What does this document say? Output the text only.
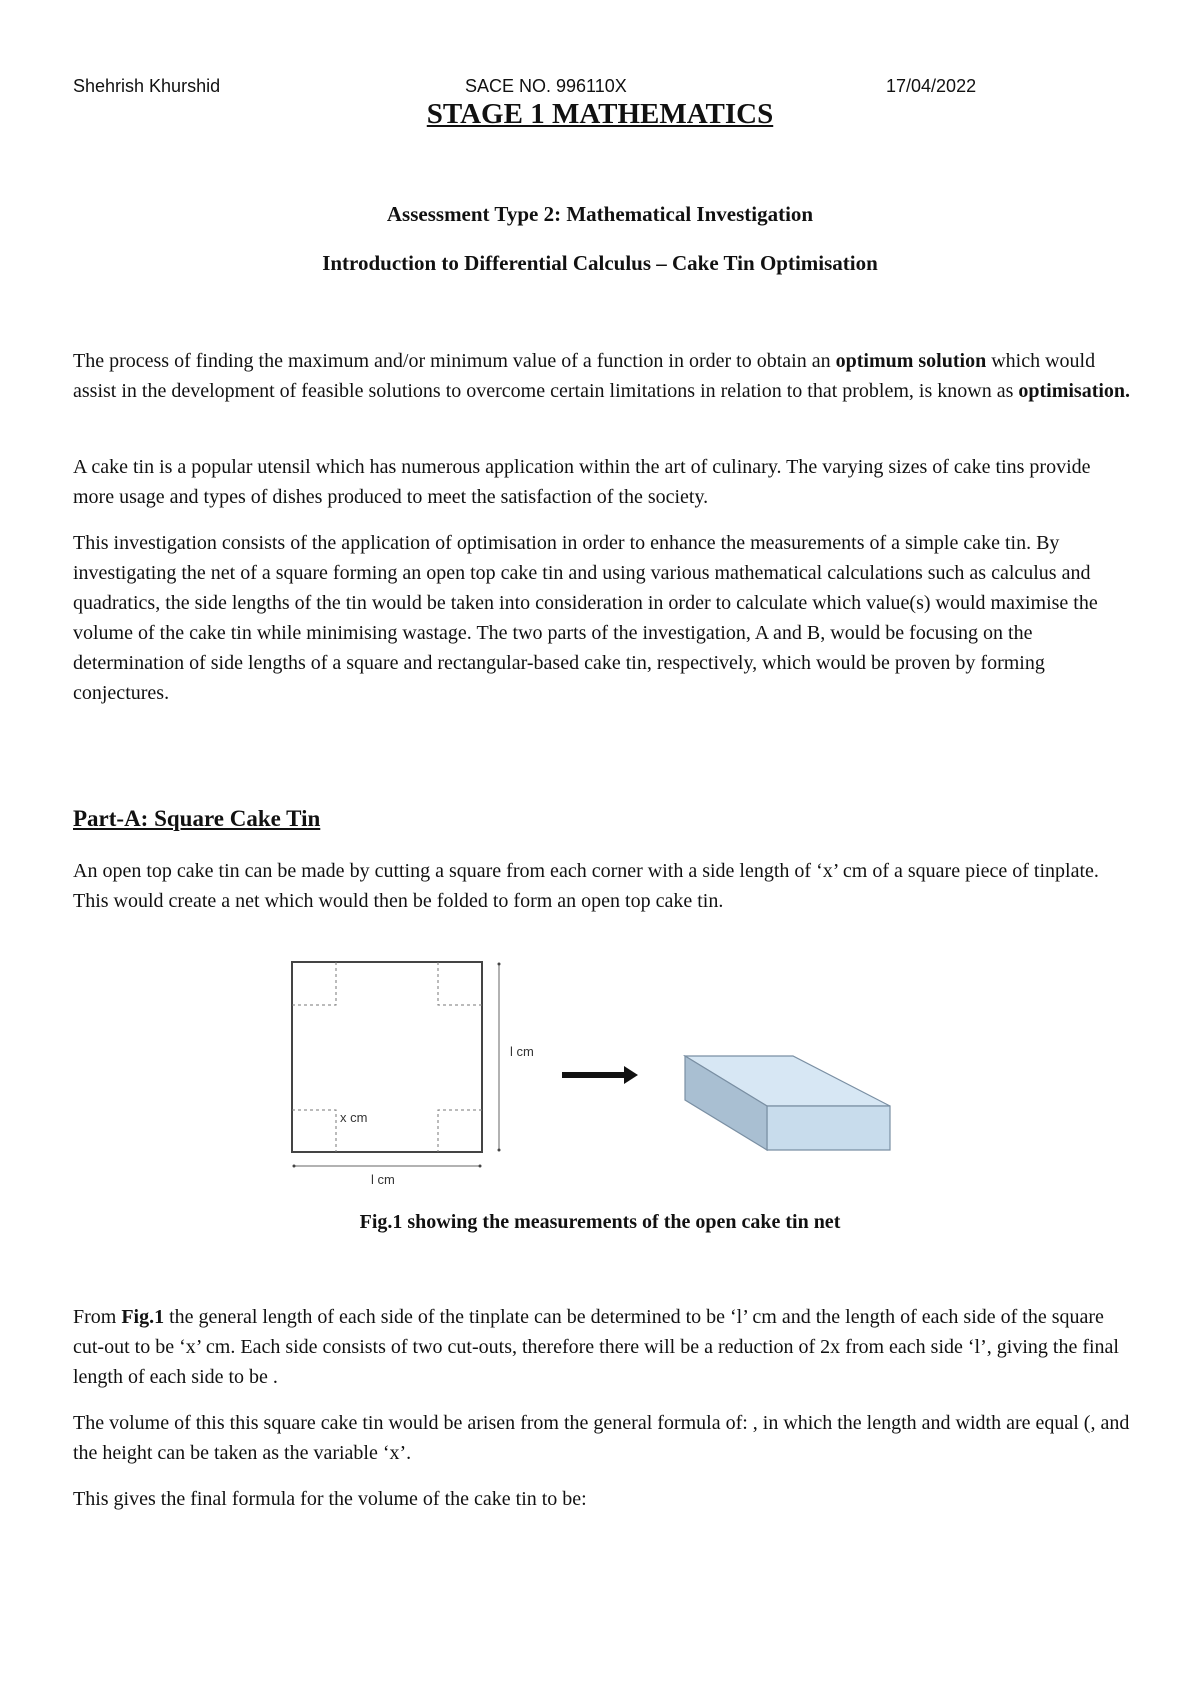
Shehrish Khurshid	SACE NO. 996110X	17/04/2022
STAGE 1 MATHEMATICS
Assessment Type 2: Mathematical Investigation
Introduction to Differential Calculus – Cake Tin Optimisation

The process of finding the maximum and/or minimum value of a function in order to obtain an optimum solution which would assist in the development of feasible solutions to overcome certain limitations in relation to that problem, is known as optimisation.

A cake tin is a popular utensil which has numerous application within the art of culinary. The varying sizes of cake tins provide more usage and types of dishes produced to meet the satisfaction of the society.

This investigation consists of the application of optimisation in order to enhance the measurements of a simple cake tin. By investigating the net of a square forming an open top cake tin and using various mathematical calculations such as calculus and quadratics, the side lengths of the tin would be taken into consideration in order to calculate which value(s) would maximise the volume of the cake tin while minimising wastage. The two parts of the investigation, A and B, would be focusing on the determination of side lengths of a square and rectangular-based cake tin, respectively, which would be proven by forming conjectures.

Part-A: Square Cake Tin

An open top cake tin can be made by cutting a square from each corner with a side length of ‘x’ cm of a square piece of tinplate. This would create a net which would then be folded to form an open top cake tin.

x cm
l cm
l cm
Fig.1 showing the measurements of the open cake tin net

From Fig.1 the general length of each side of the tinplate can be determined to be ‘l’ cm and the length of each side of the square cut-out to be ‘x’ cm. Each side consists of two cut-outs, therefore there will be a reduction of 2x from each side ‘l’, giving the final length of each side to be .

The volume of this this square cake tin would be arisen from the general formula of: , in which the length and width are equal (, and the height can be taken as the variable ‘x’.

This gives the final formula for the volume of the cake tin to be:
